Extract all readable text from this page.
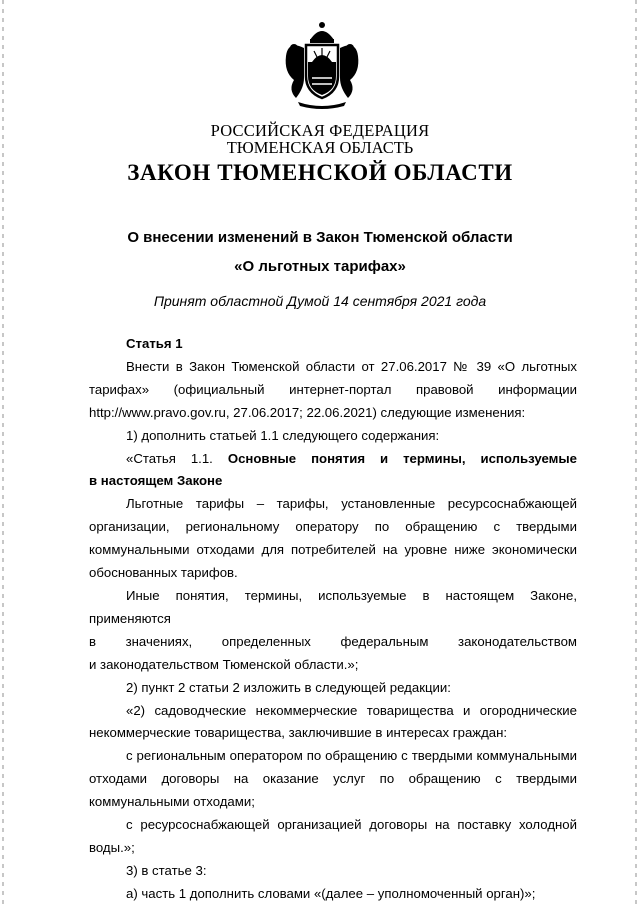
РОССИЙСКАЯ ФЕДЕРАЦИЯ
ТЮМЕНСКАЯ ОБЛАСТЬ
ЗАКОН ТЮМЕНСКОЙ ОБЛАСТИ
О внесении изменений в Закон Тюменской области
«О льготных тарифах»
Принят областной Думой 14 сентября 2021 года

Статья 1

Внести в Закон Тюменской области от 27.06.2017 № 39 «О льготных

тарифах» (официальный интернет-портал правовой информации

http://www.pravo.gov.ru, 27.06.2017; 22.06.2021) следующие изменения:

1) дополнить статьей 1.1 следующего содержания:

«Статья 1.1. Основные понятия и термины, используемые

в настоящем Законе

Льготные тарифы – тарифы, установленные ресурсоснабжающей

организации, региональному оператору по обращению с твердыми

коммунальными отходами для потребителей на уровне ниже экономически

обоснованных тарифов.

Иные понятия, термины, используемые в настоящем Законе, применяются

в значениях, определенных федеральным законодательством

и законодательством Тюменской области.»;

2) пункт 2 статьи 2 изложить в следующей редакции:

«2) садоводческие некоммерческие товарищества и огороднические

некоммерческие товарищества, заключившие в интересах граждан:

с региональным оператором по обращению с твердыми коммунальными

отходами договоры на оказание услуг по обращению с твердыми

коммунальными отходами;

с ресурсоснабжающей организацией договоры на поставку холодной

воды.»;

3) в статье 3:

а) часть 1 дополнить словами «(далее – уполномоченный орган)»;
